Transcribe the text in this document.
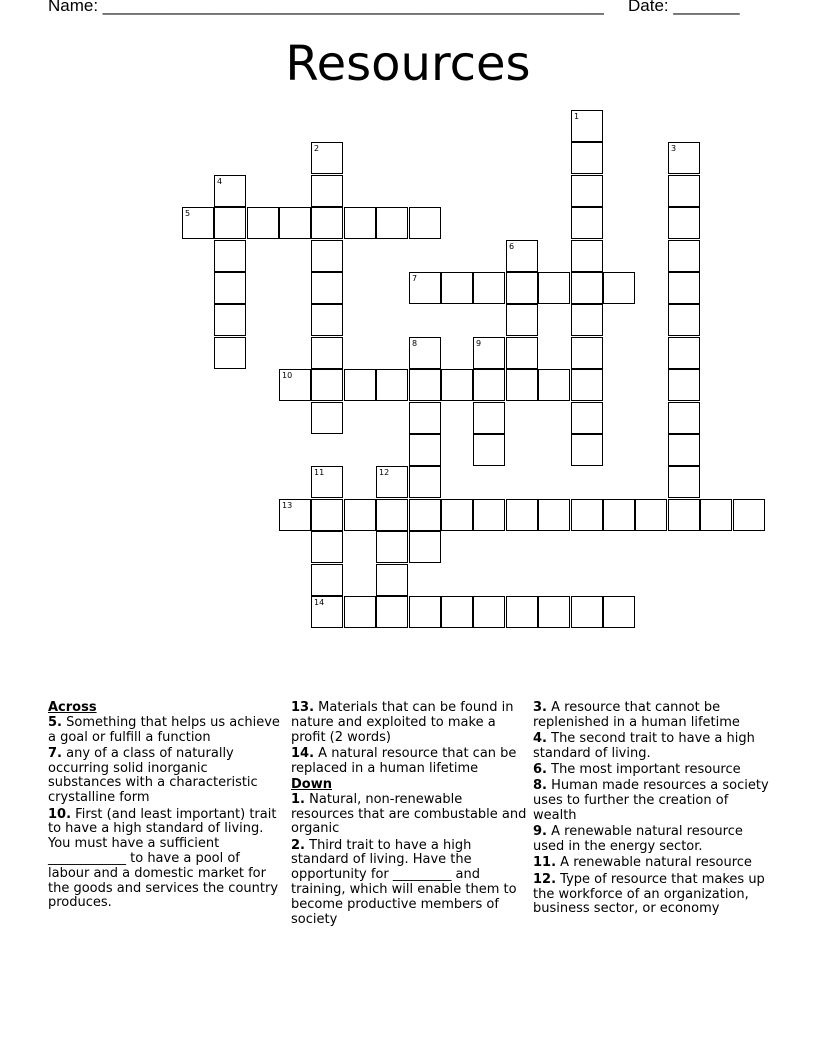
Name: _____________________________________________________ Date: _______
Resources
1
2	3
4
5
6
7
8	9
10
11
14
12
13
Across

5. Something that helps us achieve a goal or fulfill a function

7. any of a class of naturally occurring solid inorganic substances with a characteristic crystalline form

10. First (and least important) trait to have a high standard of living. You must have a sufficient ____________ to have a pool of labour and a domestic market for the goods and services the country produces.

13. Materials that can be found in nature and exploited to make a profit (2 words)

14. A natural resource that can be replaced in a human lifetime

Down

1. Natural, non-renewable resources that are combustable and organic

2. Third trait to have a high standard of living. Have the opportunity for _________ and training, which will enable them to become productive members of society

3. A resource that cannot be replenished in a human lifetime

4. The second trait to have a high standard of living.

6. The most important resource

8. Human made resources a society uses to further the creation of wealth

9. A renewable natural resource used in the energy sector.

11. A renewable natural resource

12. Type of resource that makes up the workforce of an organization, business sector, or economy
